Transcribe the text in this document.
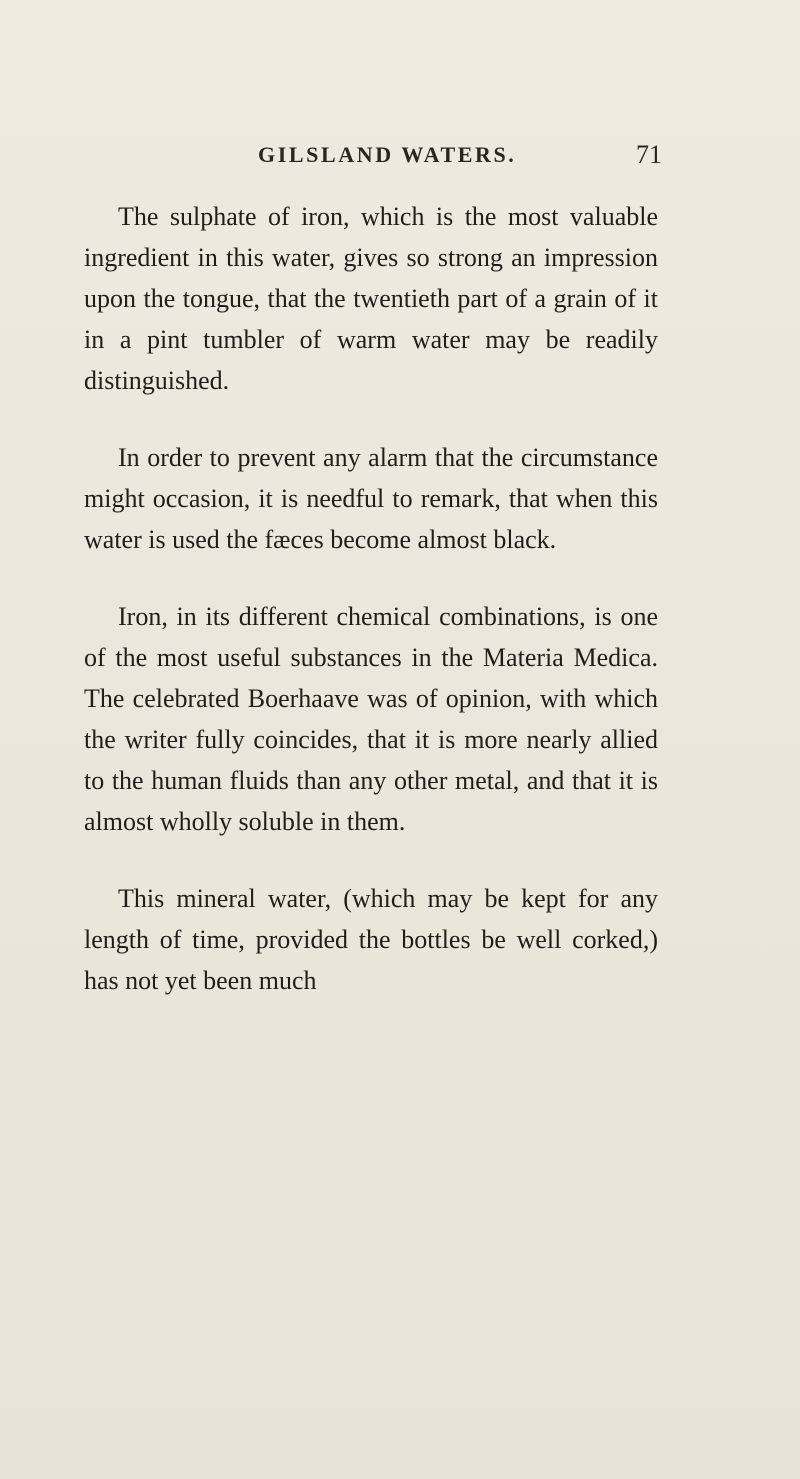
GILSLAND WATERS.	71

The sulphate of iron, which is the most valuable ingredient in this water, gives so strong an impression upon the tongue, that the twentieth part of a grain of it in a pint tumbler of warm water may be readily distinguished.

In order to prevent any alarm that the circumstance might occasion, it is needful to remark, that when this water is used the fæces become almost black.

Iron, in its different chemical combinations, is one of the most useful substances in the Materia Medica. The celebrated Boerhaave was of opinion, with which the writer fully coincides, that it is more nearly allied to the human fluids than any other metal, and that it is almost wholly soluble in them.

This mineral water, (which may be kept for any length of time, provided the bottles be well corked,) has not yet been much
